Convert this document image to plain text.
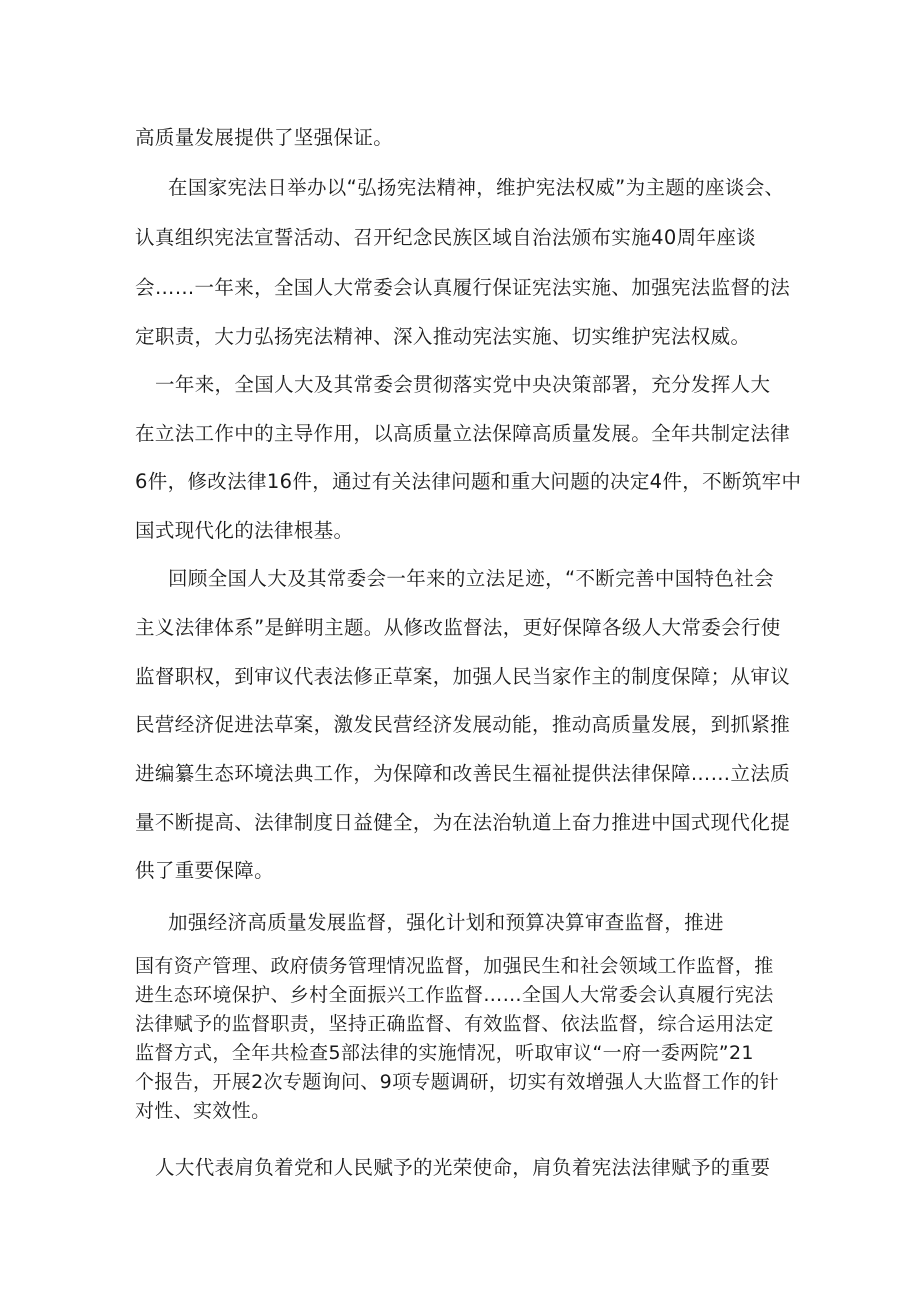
高质量发展提供了坚强保证。
在国家宪法日举办以“弘扬宪法精神，维护宪法权威”为主题的座谈会、
认真组织宪法宣誓活动、召开纪念民族区域自治法颁布实施40周年座谈
会……一年来，全国人大常委会认真履行保证宪法实施、加强宪法监督的法
定职责，大力弘扬宪法精神、深入推动宪法实施、切实维护宪法权威。
一年来，全国人大及其常委会贯彻落实党中央决策部署，充分发挥人大
在立法工作中的主导作用，以高质量立法保障高质量发展。全年共制定法律
6件，修改法律16件，通过有关法律问题和重大问题的决定4件，不断筑牢中
国式现代化的法律根基。
回顾全国人大及其常委会一年来的立法足迹，“不断完善中国特色社会
主义法律体系”是鲜明主题。从修改监督法，更好保障各级人大常委会行使
监督职权，到审议代表法修正草案，加强人民当家作主的制度保障；从审议
民营经济促进法草案，激发民营经济发展动能，推动高质量发展，到抓紧推
进编纂生态环境法典工作，为保障和改善民生福祉提供法律保障……立法质
量不断提高、法律制度日益健全，为在法治轨道上奋力推进中国式现代化提
供了重要保障。
加强经济高质量发展监督，强化计划和预算决算审查监督，推进
国有资产管理、政府债务管理情况监督，加强民生和社会领域工作监督，推
进生态环境保护、乡村全面振兴工作监督……全国人大常委会认真履行宪法
法律赋予的监督职责，坚持正确监督、有效监督、依法监督，综合运用法定
监督方式，全年共检查5部法律的实施情况，听取审议“一府一委两院”21
个报告，开展2次专题询问、9项专题调研，切实有效增强人大监督工作的针
对性、实效性。
人大代表肩负着党和人民赋予的光荣使命，肩负着宪法法律赋予的重要
